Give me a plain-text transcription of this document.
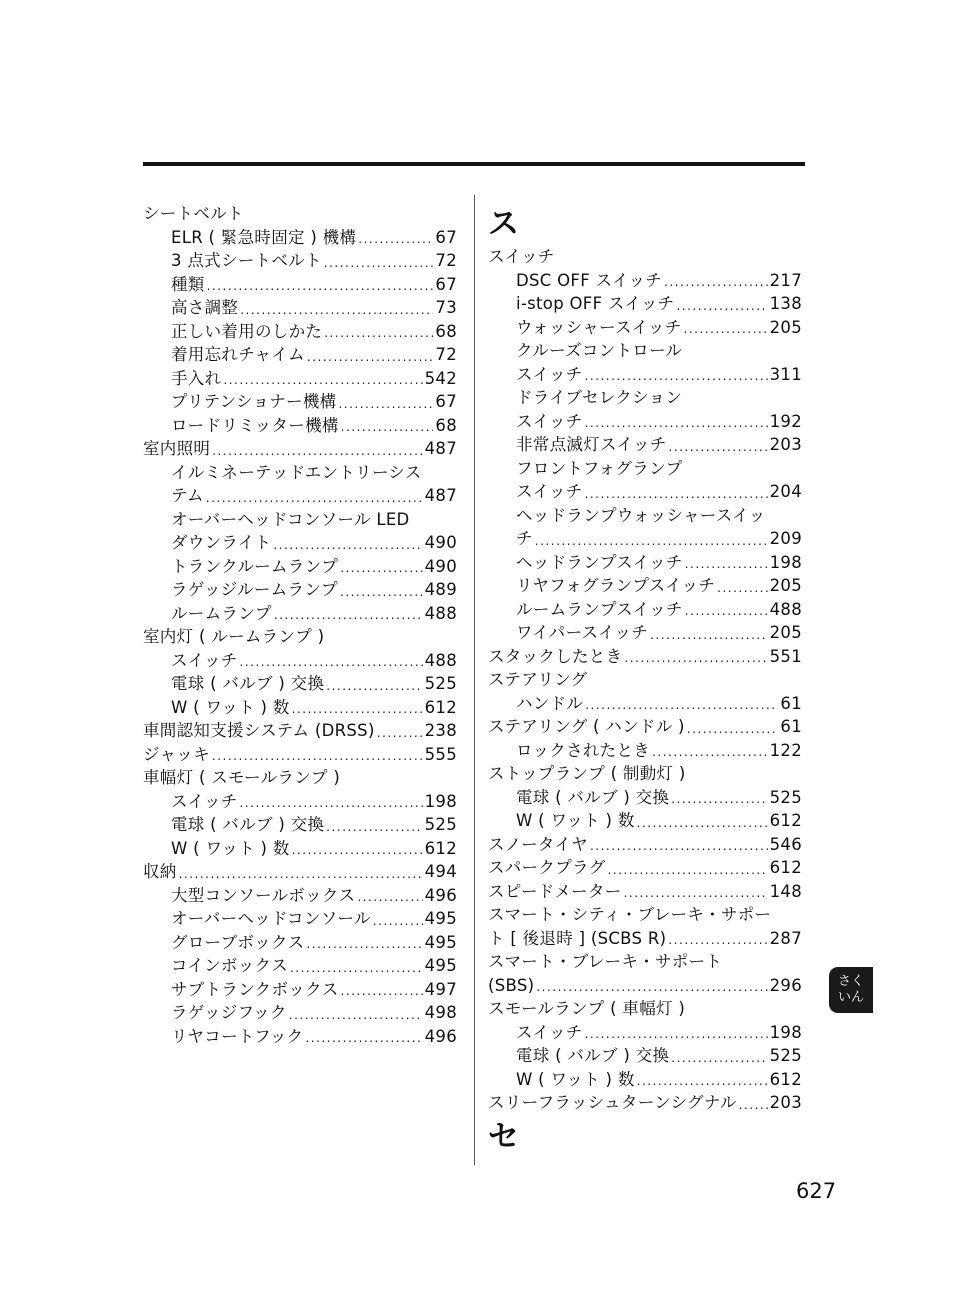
シートベルト
ELR ( 緊急時固定 ) 機構 .....	67
3 点式シートベルト .....	72
種類 .....	67
高さ調整 .....	73
正しい着用のしかた .....	68
着用忘れチャイム .....	72
手入れ .....	542
プリテンショナー機構 .....	67
ロードリミッター機構 .....	68
室内照明 .....	487
イルミネーテッドエントリーシス
テム .....	487
オーバーヘッドコンソール LED
ダウンライト .....	490
トランクルームランプ .....	490
ラゲッジルームランプ .....	489
ルームランプ .....	488
室内灯 ( ルームランプ )
スイッチ .....	488
電球 ( バルブ ) 交換 .....	525
W ( ワット ) 数 .....	612
車間認知支援システム (DRSS) .....	238
ジャッキ .....	555
車幅灯 ( スモールランプ )
スイッチ .....	198
電球 ( バルブ ) 交換 .....	525
W ( ワット ) 数 .....	612
収納 .....	494
大型コンソールボックス .....	496
オーバーヘッドコンソール .....	495
グローブボックス .....	495
コインボックス .....	495
サブトランクボックス .....	497
ラゲッジフック .....	498
リヤコートフック .....	496
ス
スイッチ
DSC OFF スイッチ .....	217
i-stop OFF スイッチ .....	138
ウォッシャースイッチ .....	205
クルーズコントロール
スイッチ .....	311
ドライブセレクション
スイッチ .....	192
非常点滅灯スイッチ .....	203
フロントフォグランプ
スイッチ .....	204
ヘッドランプウォッシャースイッ
チ .....	209
ヘッドランプスイッチ .....	198
リヤフォグランプスイッチ .....	205
ルームランプスイッチ .....	488
ワイパースイッチ .....	205
スタックしたとき .....	551
ステアリング
ハンドル .....	61
ステアリング ( ハンドル ) .....	61
ロックされたとき .....	122
ストップランプ ( 制動灯 )
電球 ( バルブ ) 交換 .....	525
W ( ワット ) 数 .....	612
スノータイヤ .....	546
スパークプラグ .....	612
スピードメーター .....	148
スマート・シティ・ブレーキ・サポー
ト [ 後退時 ] (SCBS R) .....	287
スマート・ブレーキ・サポート
(SBS) .....	296
スモールランプ ( 車幅灯 )
スイッチ .....	198
電球 ( バルブ ) 交換 .....	525
W ( ワット ) 数 .....	612
スリーフラッシュターンシグナル ..... 203
セ
さく
いん
627
